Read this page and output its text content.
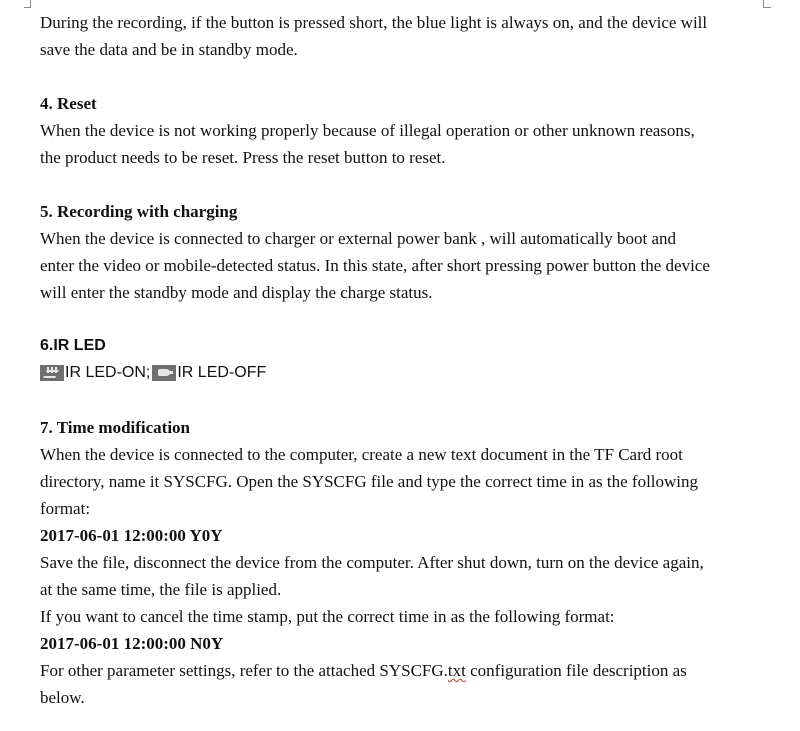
During the recording, if the button is pressed short, the blue light is always on, and the device will

save the data and be in standby mode.

4. Reset

When the device is not working properly because of illegal operation or other unknown reasons,

the product needs to be reset. Press the reset button to reset.

5. Recording with charging

When the device is connected to charger or external power bank , will automatically boot and

enter the video or mobile-detected status. In this state, after short pressing power button the device

will enter the standby mode and display the charge status.

6.IR LED

IR LED-ON; IR LED-OFF

7. Time modification

When the device is connected to the computer, create a new text document in the TF Card root

directory, name it SYSCFG. Open the SYSCFG file and type the correct time in as the following

format:

2017-06-01 12:00:00 Y0Y

Save the file, disconnect the device from the computer. After shut down, turn on the device again,

at the same time, the file is applied.

If you want to cancel the time stamp, put the correct time in as the following format:

2017-06-01 12:00:00 N0Y

For other parameter settings, refer to the attached SYSCFG.txt configuration file description as

below.
